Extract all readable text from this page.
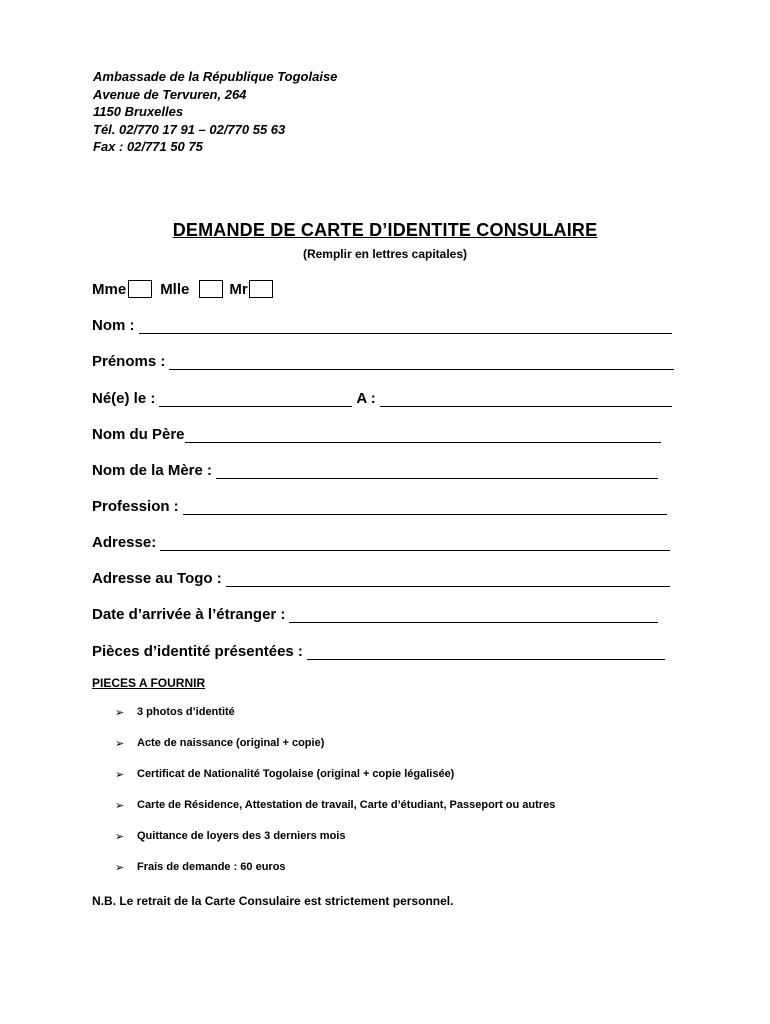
Ambassade de la République Togolaise
Avenue de Tervuren, 264
1150 Bruxelles
Tél. 02/770 17 91 – 02/770 55 63
Fax : 02/771 50 75
DEMANDE DE CARTE D’IDENTITE CONSULAIRE
(Remplir en lettres capitales)
Mme Mlle	Mr
Nom :
Prénoms :
Né(e) le :	A :
Nom du Père
Nom de la Mère :
Profession :
Adresse:
Adresse au Togo :
Date d’arrivée à l’étranger :
Pièces d’identité présentées :
PIECES A FOURNIR
➢	3 photos d’identité
➢	Acte de naissance (original + copie)
➢	Certificat de Nationalité Togolaise (original + copie légalisée)
➢	Carte de Résidence, Attestation de travail, Carte d’étudiant, Passeport ou autres
➢	Quittance de loyers des 3 derniers mois
➢	Frais de demande : 60 euros
N.B. Le retrait de la Carte Consulaire est strictement personnel.
